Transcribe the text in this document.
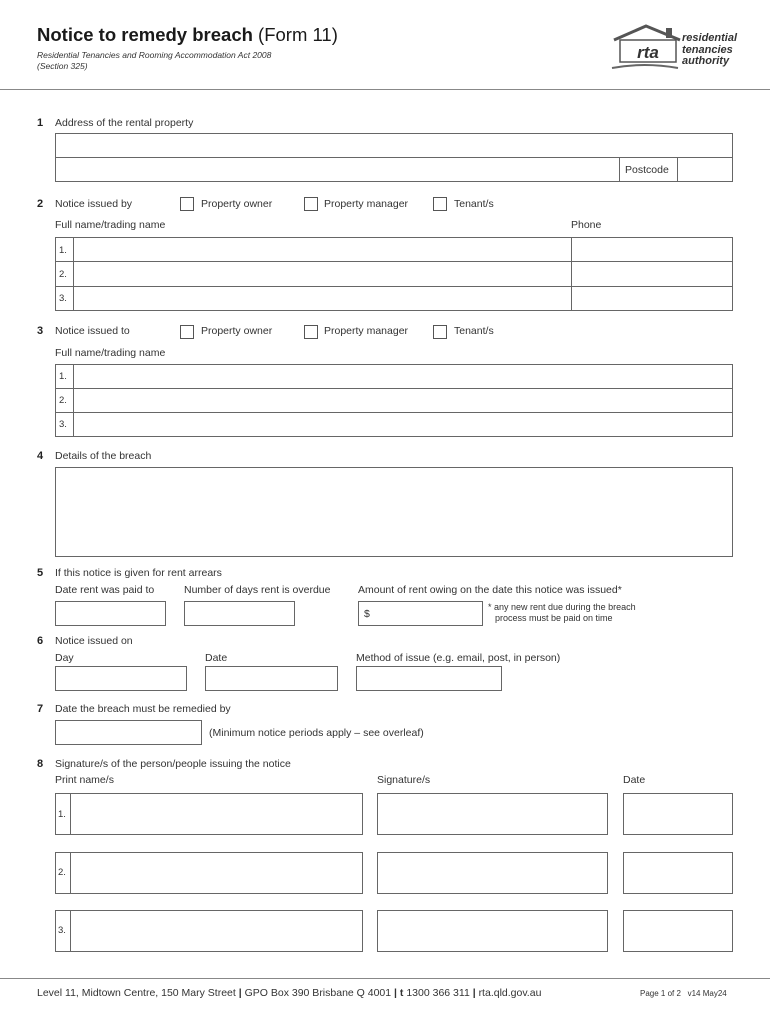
Notice to remedy breach (Form 11)
Residential Tenancies and Rooming Accommodation Act 2008
(Section 325)
rta
residential
tenancies
authority
1 Address of the rental property
Postcode
2 Notice issued by	Property owner	Property manager	Tenant/s
Full name/trading name	Phone
1.
2.
3.
3 Notice issued to	Property owner	Property manager	Tenant/s
Full name/trading name
1.
2.
3.
4 Details of the breach
5 If this notice is given for rent arrears
Date rent was paid to	Number of days rent is overdue	Amount of rent owing on the date this notice was issued*
$
* any new rent due during the breach
process must be paid on time
6 Notice issued on
Day	Date	Method of issue (e.g. email, post, in person)
7 Date the breach must be remedied by
(Minimum notice periods apply – see overleaf)
8 Signature/s of the person/people issuing the notice
Print name/s	Signature/s	Date
1.
2.
3.
Level 11, Midtown Centre, 150 Mary Street | GPO Box 390 Brisbane Q 4001 | t 1300 366 311 | rta.qld.gov.au	Page 1 of 2 v14 May24
